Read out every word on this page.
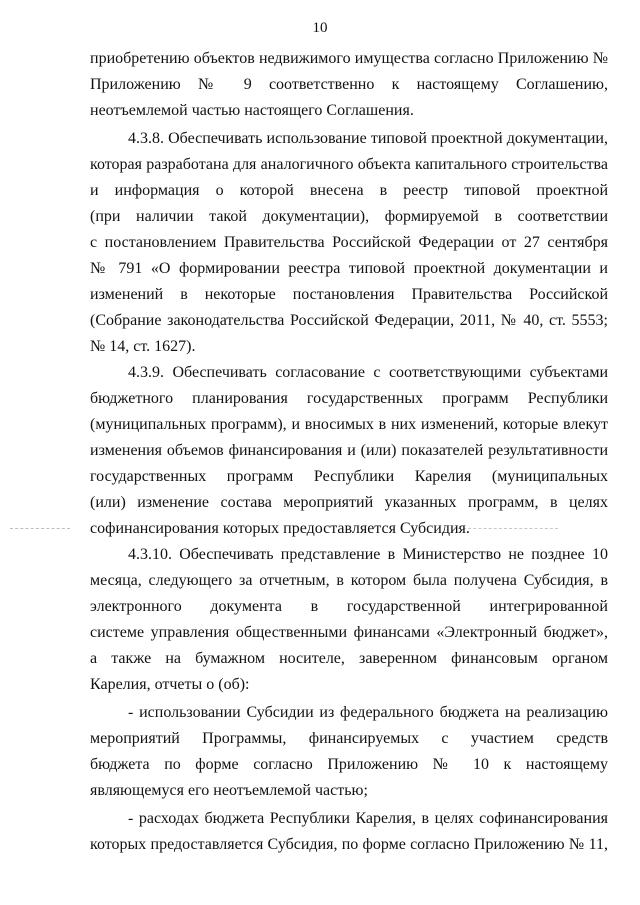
10
приобретению объектов недвижимого имущества согласно Приложению №
Приложению № 9 соответственно к настоящему Соглашению,
неотъемлемой частью настоящего Соглашения.
4.3.8. Обеспечивать использование типовой проектной документации,
которая разработана для аналогичного объекта капитального строительства
и информация о которой внесена в реестр типовой проектной
(при наличии такой документации), формируемой в соответствии
с постановлением Правительства Российской Федерации от 27 сентября
№ 791 «О формировании реестра типовой проектной документации и
изменений в некоторые постановления Правительства Российской
(Собрание законодательства Российской Федерации, 2011, № 40, ст. 5553;
№ 14, ст. 1627).
4.3.9. Обеспечивать согласование с соответствующими субъектами
бюджетного планирования государственных программ Республики
(муниципальных программ), и вносимых в них изменений, которые влекут
изменения объемов финансирования и (или) показателей результативности
государственных программ Республики Карелия (муниципальных
(или) изменение состава мероприятий указанных программ, в целях
софинансирования которых предоставляется Субсидия.
4.3.10. Обеспечивать представление в Министерство не позднее 10
месяца, следующего за отчетным, в котором была получена Субсидия, в
электронного документа в государственной интегрированной
системе управления общественными финансами «Электронный бюджет»,
а также на бумажном носителе, заверенном финансовым органом
Карелия, отчеты о (об):
- использовании Субсидии из федерального бюджета на реализацию
мероприятий Программы, финансируемых с участием средств
бюджета по форме согласно Приложению № 10 к настоящему
являющемуся его неотъемлемой частью;
- расходах бюджета Республики Карелия, в целях софинансирования
которых предоставляется Субсидия, по форме согласно Приложению № 11,
